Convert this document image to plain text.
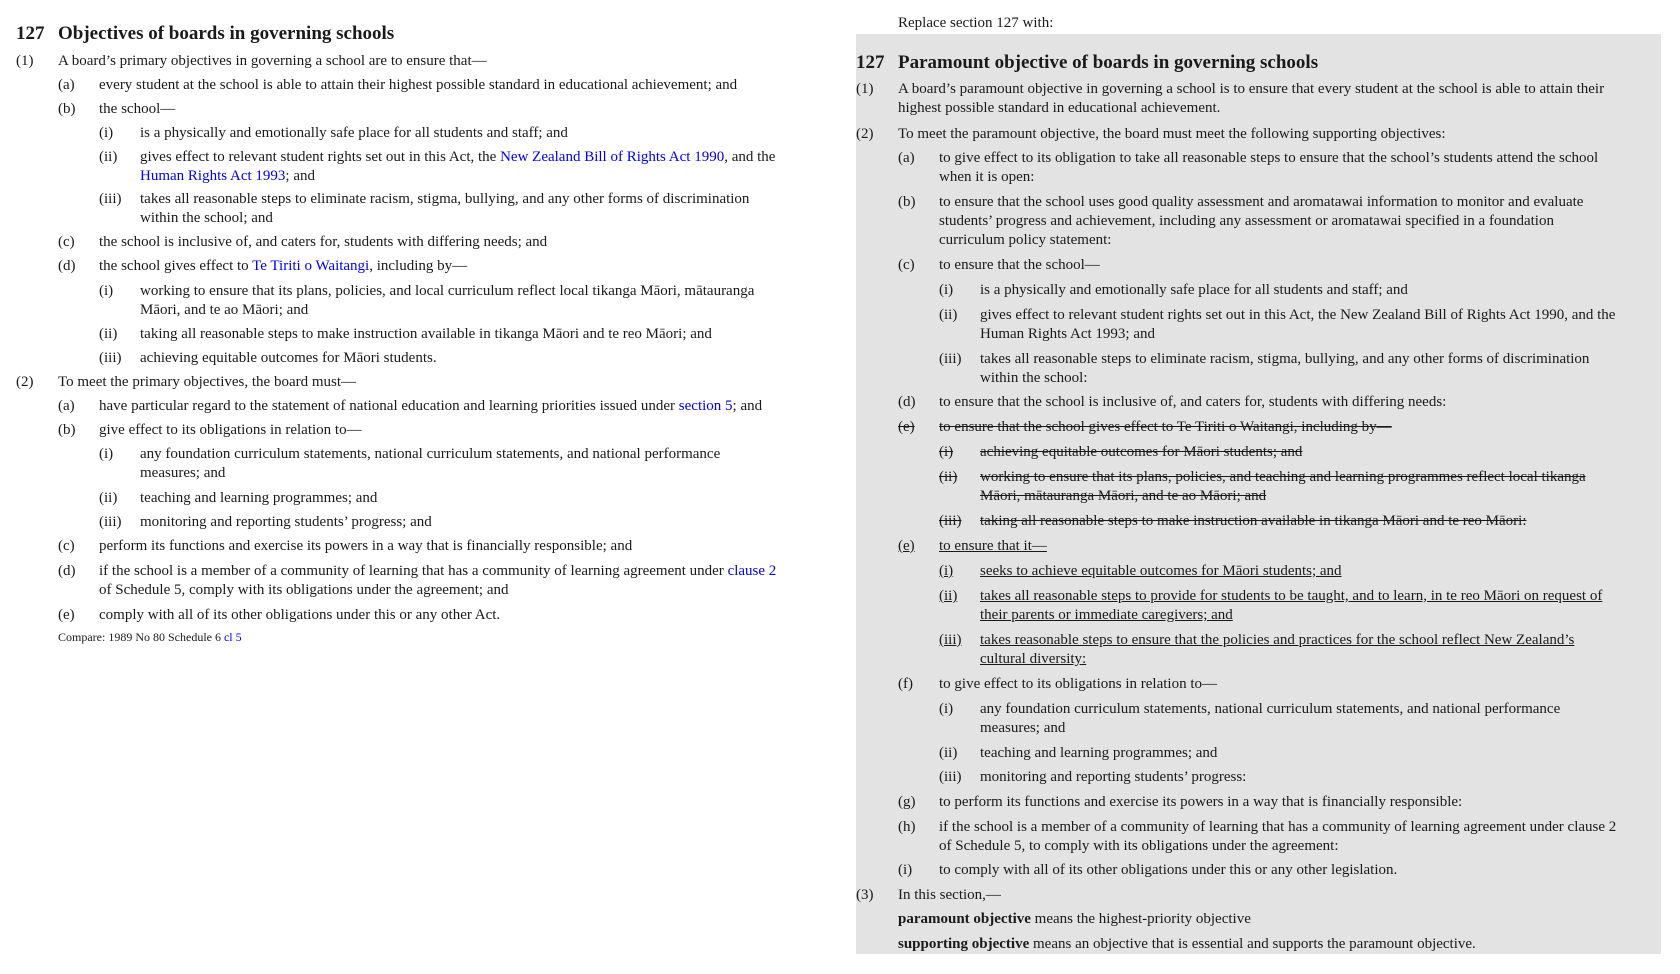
127 Objectives of boards in governing schools
(1) A board’s primary objectives in governing a school are to ensure that—
(a) every student at the school is able to attain their highest possible standard in educational achievement; and
(b) the school—
(i) is a physically and emotionally safe place for all students and staff; and
(ii) gives effect to relevant student rights set out in this Act, the New Zealand Bill of Rights Act 1990, and the
Human Rights Act 1993; and
(iii) takes all reasonable steps to eliminate racism, stigma, bullying, and any other forms of discrimination
within the school; and
(c) the school is inclusive of, and caters for, students with differing needs; and
(d) the school gives effect to Te Tiriti o Waitangi, including by—
(i) working to ensure that its plans, policies, and local curriculum reflect local tikanga Māori, mātauranga
Māori, and te ao Māori; and
(ii) taking all reasonable steps to make instruction available in tikanga Māori and te reo Māori; and
(iii) achieving equitable outcomes for Māori students.
(2) To meet the primary objectives, the board must—
(a) have particular regard to the statement of national education and learning priorities issued under section 5; and
(b) give effect to its obligations in relation to—
(i) any foundation curriculum statements, national curriculum statements, and national performance
measures; and
(ii) teaching and learning programmes; and
(iii) monitoring and reporting students’ progress; and
(c) perform its functions and exercise its powers in a way that is financially responsible; and
(d) if the school is a member of a community of learning that has a community of learning agreement under clause 2
of Schedule 5, comply with its obligations under the agreement; and
(e) comply with all of its other obligations under this or any other Act.
Compare: 1989 No 80 Schedule 6 cl 5
Replace section 127 with:
127 Paramount objective of boards in governing schools
(1) A board’s paramount objective in governing a school is to ensure that every student at the school is able to attain their
highest possible standard in educational achievement.
(2) To meet the paramount objective, the board must meet the following supporting objectives:
(a) to give effect to its obligation to take all reasonable steps to ensure that the school’s students attend the school
when it is open:
(b) to ensure that the school uses good quality assessment and aromatawai information to monitor and evaluate
students’ progress and achievement, including any assessment or aromatawai specified in a foundation
curriculum policy statement:
(c) to ensure that the school—
(i) is a physically and emotionally safe place for all students and staff; and
(ii) gives effect to relevant student rights set out in this Act, the New Zealand Bill of Rights Act 1990, and the
Human Rights Act 1993; and
(iii) takes all reasonable steps to eliminate racism, stigma, bullying, and any other forms of discrimination
within the school:
(d) to ensure that the school is inclusive of, and caters for, students with differing needs:
(e) to ensure that the school gives effect to Te Tiriti o Waitangi, including by—
(i) achieving equitable outcomes for Māori students; and
(ii) working to ensure that its plans, policies, and teaching and learning programmes reflect local tikanga
Māori, mātauranga Māori, and te ao Māori; and
(iii) taking all reasonable steps to make instruction available in tikanga Māori and te reo Māori:
(e) to ensure that it—
(i) seeks to achieve equitable outcomes for Māori students; and
(ii) takes all reasonable steps to provide for students to be taught, and to learn, in te reo Māori on request of
their parents or immediate caregivers; and
(iii) takes reasonable steps to ensure that the policies and practices for the school reflect New Zealand’s
cultural diversity:
(f) to give effect to its obligations in relation to—
(i) any foundation curriculum statements, national curriculum statements, and national performance
measures; and
(ii) teaching and learning programmes; and
(iii) monitoring and reporting students’ progress:
(g) to perform its functions and exercise its powers in a way that is financially responsible:
(h) if the school is a member of a community of learning that has a community of learning agreement under clause 2
of Schedule 5, to comply with its obligations under the agreement:
(i) to comply with all of its other obligations under this or any other legislation.
(3) In this section,—
paramount objective means the highest-priority objective
supporting objective means an objective that is essential and supports the paramount objective.
